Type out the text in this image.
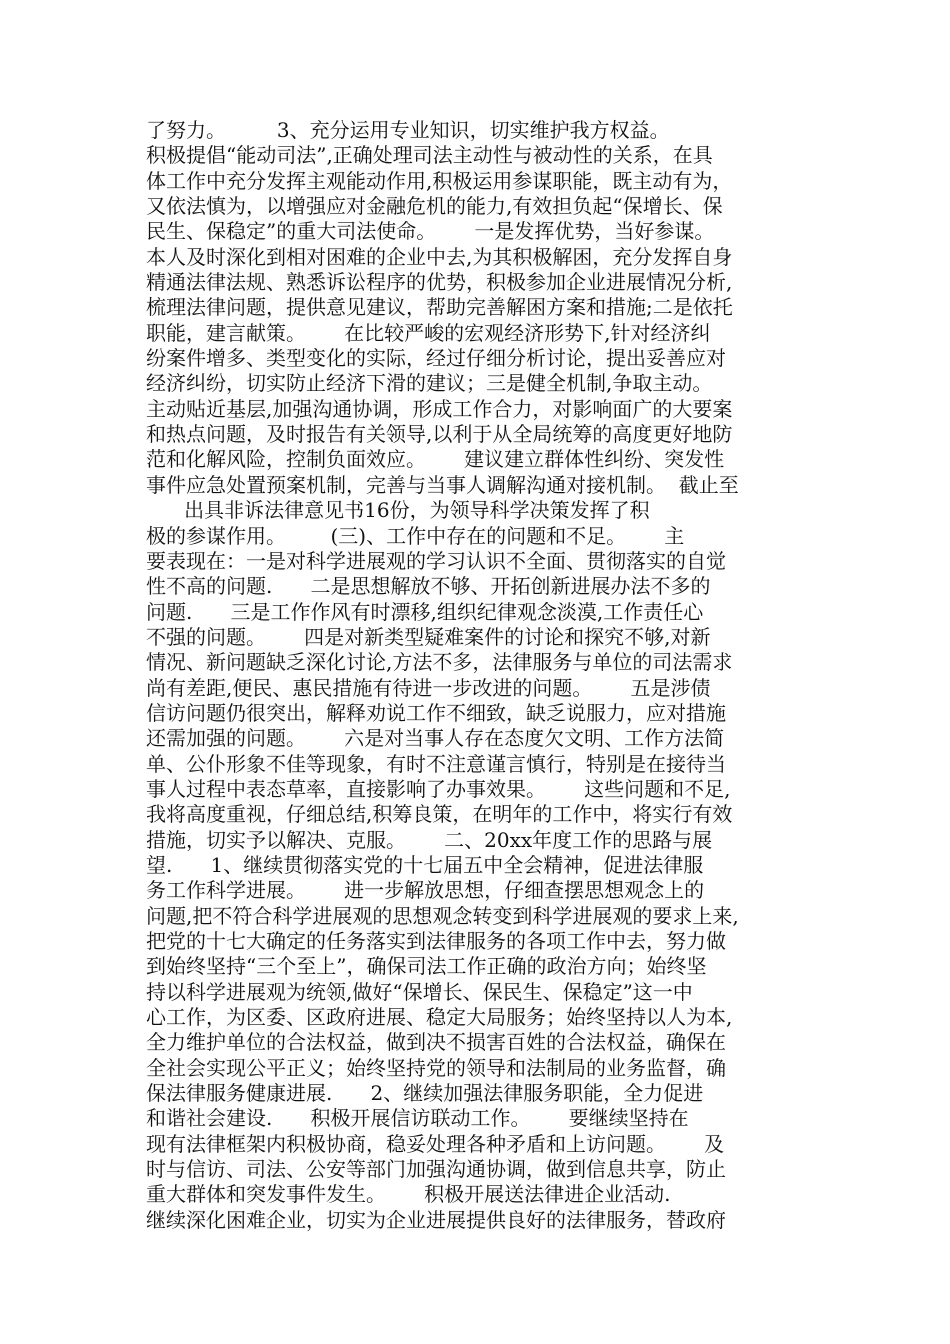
了努力。        3、充分运用专业知识，切实维护我方权益。
积极提倡“能动司法”,正确处理司法主动性与被动性的关系，在具
体工作中充分发挥主观能动作用,积极运用参谋职能，既主动有为，
又依法慎为，以增强应对金融危机的能力,有效担负起“保增长、保
民生、保稳定”的重大司法使命。      一是发挥优势，当好参谋。
本人及时深化到相对困难的企业中去,为其积极解困，充分发挥自身
精通法律法规、熟悉诉讼程序的优势，积极参加企业进展情况分析,
梳理法律问题，提供意见建议，帮助完善解困方案和措施;二是依托
职能，建言献策。      在比较严峻的宏观经济形势下,针对经济纠
纷案件增多、类型变化的实际，经过仔细分析讨论，提出妥善应对
经济纠纷，切实防止经济下滑的建议；三是健全机制,争取主动。
主动贴近基层,加强沟通协调，形成工作合力，对影响面广的大要案
和热点问题，及时报告有关领导,以利于从全局统筹的高度更好地防
范和化解风险，控制负面效应。      建议建立群体性纠纷、突发性
事件应急处置预案机制，完善与当事人调解沟通对接机制。  截止至
出具非诉法律意见书16份，为领导科学决策发挥了积
极的参谋作用。       (三)、工作中存在的问题和不足。      主
要表现在：一是对科学进展观的学习认识不全面、贯彻落实的自觉
性不高的问题.      二是思想解放不够、开拓创新进展办法不多的
问题.      三是工作作风有时漂移,组织纪律观念淡漠,工作责任心
不强的问题。      四是对新类型疑难案件的讨论和探究不够,对新
情况、新问题缺乏深化讨论,方法不多，法律服务与单位的司法需求
尚有差距,便民、惠民措施有待进一步改进的问题。      五是涉债
信访问题仍很突出，解释劝说工作不细致，缺乏说服力，应对措施
还需加强的问题。      六是对当事人存在态度欠文明、工作方法简
单、公仆形象不佳等现象，有时不注意谨言慎行，特别是在接待当
事人过程中表态草率，直接影响了办事效果。      这些问题和不足,
我将高度重视，仔细总结,积筹良策，在明年的工作中，将实行有效
措施，切实予以解决、克服。      二、20xx年度工作的思路与展
望.      1、继续贯彻落实党的十七届五中全会精神，促进法律服
务工作科学进展。      进一步解放思想，仔细查摆思想观念上的
问题,把不符合科学进展观的思想观念转变到科学进展观的要求上来,
把党的十七大确定的任务落实到法律服务的各项工作中去，努力做
到始终坚持“三个至上”，确保司法工作正确的政治方向；始终坚
持以科学进展观为统领,做好“保增长、保民生、保稳定”这一中
心工作，为区委、区政府进展、稳定大局服务；始终坚持以人为本,
全力维护单位的合法权益，做到决不损害百姓的合法权益，确保在
全社会实现公平正义；始终坚持党的领导和法制局的业务监督，确
保法律服务健康进展.      2、继续加强法律服务职能，全力促进
和谐社会建设.      积极开展信访联动工作。      要继续坚持在
现有法律框架内积极协商，稳妥处理各种矛盾和上访问题。      及
时与信访、司法、公安等部门加强沟通协调，做到信息共享，防止
重大群体和突发事件发生。      积极开展送法律进企业活动.
继续深化困难企业，切实为企业进展提供良好的法律服务，替政府
